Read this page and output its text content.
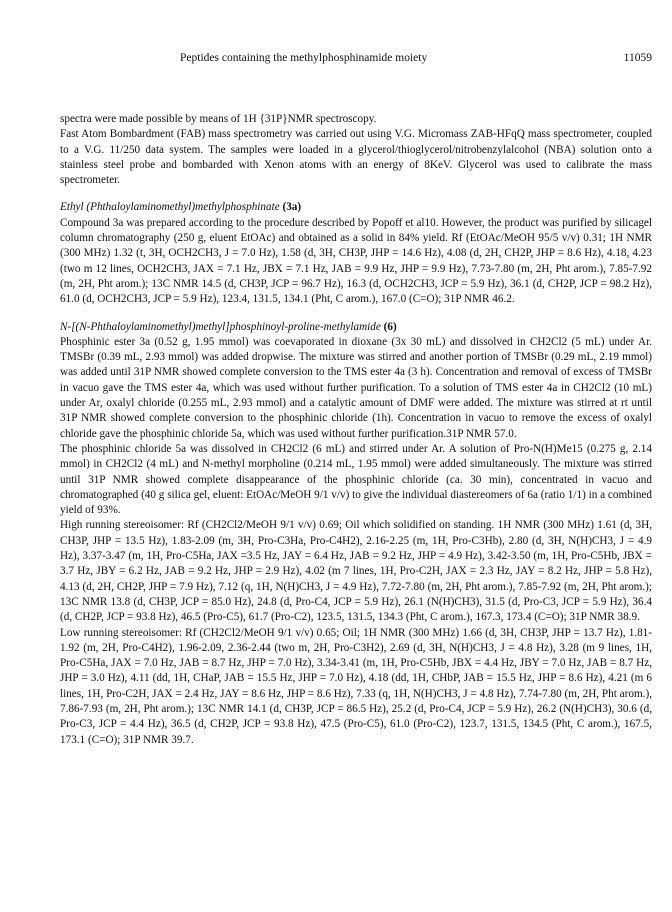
Peptides containing the methylphosphinamide moiety	11059

spectra were made possible by means of 1H {31P}NMR spectroscopy.

Fast Atom Bombardment (FAB) mass spectrometry was carried out using V.G. Micromass ZAB-HFqQ mass spectrometer, coupled to a V.G. 11/250 data system. The samples were loaded in a glycerol/thioglycerol/nitrobenzylalcohol (NBA) solution onto a stainless steel probe and bombarded with Xenon atoms with an energy of 8KeV. Glycerol was used to calibrate the mass spectrometer.

Ethyl (Phthaloylaminomethyl)methylphosphinate (3a)

Compound 3a was prepared according to the procedure described by Popoff et al10. However, the product was purified by silicagel column chromatography (250 g, eluent EtOAc) and obtained as a solid in 84% yield. Rf (EtOAc/MeOH 95/5 v/v) 0.31; 1H NMR (300 MHz) 1.32 (t, 3H, OCH2CH3, J = 7.0 Hz), 1.58 (d, 3H, CH3P, JHP = 14.6 Hz), 4.08 (d, 2H, CH2P, JHP = 8.6 Hz), 4.18, 4.23 (two m 12 lines, OCH2CH3, JAX = 7.1 Hz, JBX = 7.1 Hz, JAB = 9.9 Hz, JHP = 9.9 Hz), 7.73-7.80 (m, 2H, Pht arom.), 7.85-7.92 (m, 2H, Pht arom.); 13C NMR 14.5 (d, CH3P, JCP = 96.7 Hz), 16.3 (d, OCH2CH3, JCP = 5.9 Hz), 36.1 (d, CH2P, JCP = 98.2 Hz), 61.0 (d, OCH2CH3, JCP = 5.9 Hz), 123.4, 131.5, 134.1 (Pht, C arom.), 167.0 (C=O); 31P NMR 46.2.

N-[(N-Phthaloylaminomethyl)methyl]phosphinoyl-proline-methylamide (6)

Phosphinic ester 3a (0.52 g, 1.95 mmol) was coevaporated in dioxane (3x 30 mL) and dissolved in CH2Cl2 (5 mL) under Ar. TMSBr (0.39 mL, 2.93 mmol) was added dropwise. The mixture was stirred and another portion of TMSBr (0.29 mL, 2.19 mmol) was added until 31P NMR showed complete conversion to the TMS ester 4a (3 h). Concentration and removal of excess of TMSBr in vacuo gave the TMS ester 4a, which was used without further purification. To a solution of TMS ester 4a in CH2Cl2 (10 mL) under Ar, oxalyl chloride (0.255 mL, 2.93 mmol) and a catalytic amount of DMF were added. The mixture was stirred at rt until 31P NMR showed complete conversion to the phosphinic chloride (1h). Concentration in vacuo to remove the excess of oxalyl chloride gave the phosphinic chloride 5a, which was used without further purification.31P NMR 57.0.

The phosphinic chloride 5a was dissolved in CH2Cl2 (6 mL) and stirred under Ar. A solution of Pro-N(H)Me15 (0.275 g, 2.14 mmol) in CH2Cl2 (4 mL) and N-methyl morpholine (0.214 mL, 1.95 mmol) were added simultaneously. The mixture was stirred until 31P NMR showed complete disappearance of the phosphinic chloride (ca. 30 min), concentrated in vacuo and chromatographed (40 g silica gel, eluent: EtOAc/MeOH 9/1 v/v) to give the individual diastereomers of 6a (ratio 1/1) in a combined yield of 93%.

High running stereoisomer: Rf (CH2Cl2/MeOH 9/1 v/v) 0.69; Oil which solidified on standing. 1H NMR (300 MHz) 1.61 (d, 3H, CH3P, JHP = 13.5 Hz), 1.83-2.09 (m, 3H, Pro-C3Ha, Pro-C4H2), 2.16-2.25 (m, 1H, Pro-C3Hb), 2.80 (d, 3H, N(H)CH3, J = 4.9 Hz), 3.37-3.47 (m, 1H, Pro-C5Ha, JAX =3.5 Hz, JAY = 6.4 Hz, JAB = 9.2 Hz, JHP = 4.9 Hz), 3.42-3.50 (m, 1H, Pro-C5Hb, JBX = 3.7 Hz, JBY = 6.2 Hz, JAB = 9.2 Hz, JHP = 2.9 Hz), 4.02 (m 7 lines, 1H, Pro-C2H, JAX = 2.3 Hz, JAY = 8.2 Hz, JHP = 5.8 Hz), 4.13 (d, 2H, CH2P, JHP = 7.9 Hz), 7.12 (q, 1H, N(H)CH3, J = 4.9 Hz), 7.72-7.80 (m, 2H, Pht arom.), 7.85-7.92 (m, 2H, Pht arom.); 13C NMR 13.8 (d, CH3P, JCP = 85.0 Hz), 24.8 (d, Pro-C4, JCP = 5.9 Hz), 26.1 (N(H)CH3), 31.5 (d, Pro-C3, JCP = 5.9 Hz), 36.4 (d, CH2P, JCP = 93.8 Hz), 46.5 (Pro-C5), 61.7 (Pro-C2), 123.5, 131.5, 134.3 (Pht, C arom.), 167.3, 173.4 (C=O); 31P NMR 38.9.

Low running stereoisomer: Rf (CH2Cl2/MeOH 9/1 v/v) 0.65; Oil; 1H NMR (300 MHz) 1.66 (d, 3H, CH3P, JHP = 13.7 Hz), 1.81-1.92 (m, 2H, Pro-C4H2), 1.96-2.09, 2.36-2.44 (two m, 2H, Pro-C3H2), 2.69 (d, 3H, N(H)CH3, J = 4.8 Hz), 3.28 (m 9 lines, 1H, Pro-C5Ha, JAX = 7.0 Hz, JAB = 8.7 Hz, JHP = 7.0 Hz), 3.34-3.41 (m, 1H, Pro-C5Hb, JBX = 4.4 Hz, JBY = 7.0 Hz, JAB = 8.7 Hz, JHP = 3.0 Hz), 4.11 (dd, 1H, CHaP, JAB = 15.5 Hz, JHP = 7.0 Hz), 4.18 (dd, 1H, CHbP, JAB = 15.5 Hz, JHP = 8.6 Hz), 4.21 (m 6 lines, 1H, Pro-C2H, JAX = 2.4 Hz, JAY = 8.6 Hz, JHP = 8.6 Hz), 7.33 (q, 1H, N(H)CH3, J = 4.8 Hz), 7.74-7.80 (m, 2H, Pht arom.), 7.86-7.93 (m, 2H, Pht arom.); 13C NMR 14.1 (d, CH3P, JCP = 86.5 Hz), 25.2 (d, Pro-C4, JCP = 5.9 Hz), 26.2 (N(H)CH3), 30.6 (d, Pro-C3, JCP = 4.4 Hz), 36.5 (d, CH2P, JCP = 93.8 Hz), 47.5 (Pro-C5), 61.0 (Pro-C2), 123.7, 131.5, 134.5 (Pht, C arom.), 167.5, 173.1 (C=O); 31P NMR 39.7.
